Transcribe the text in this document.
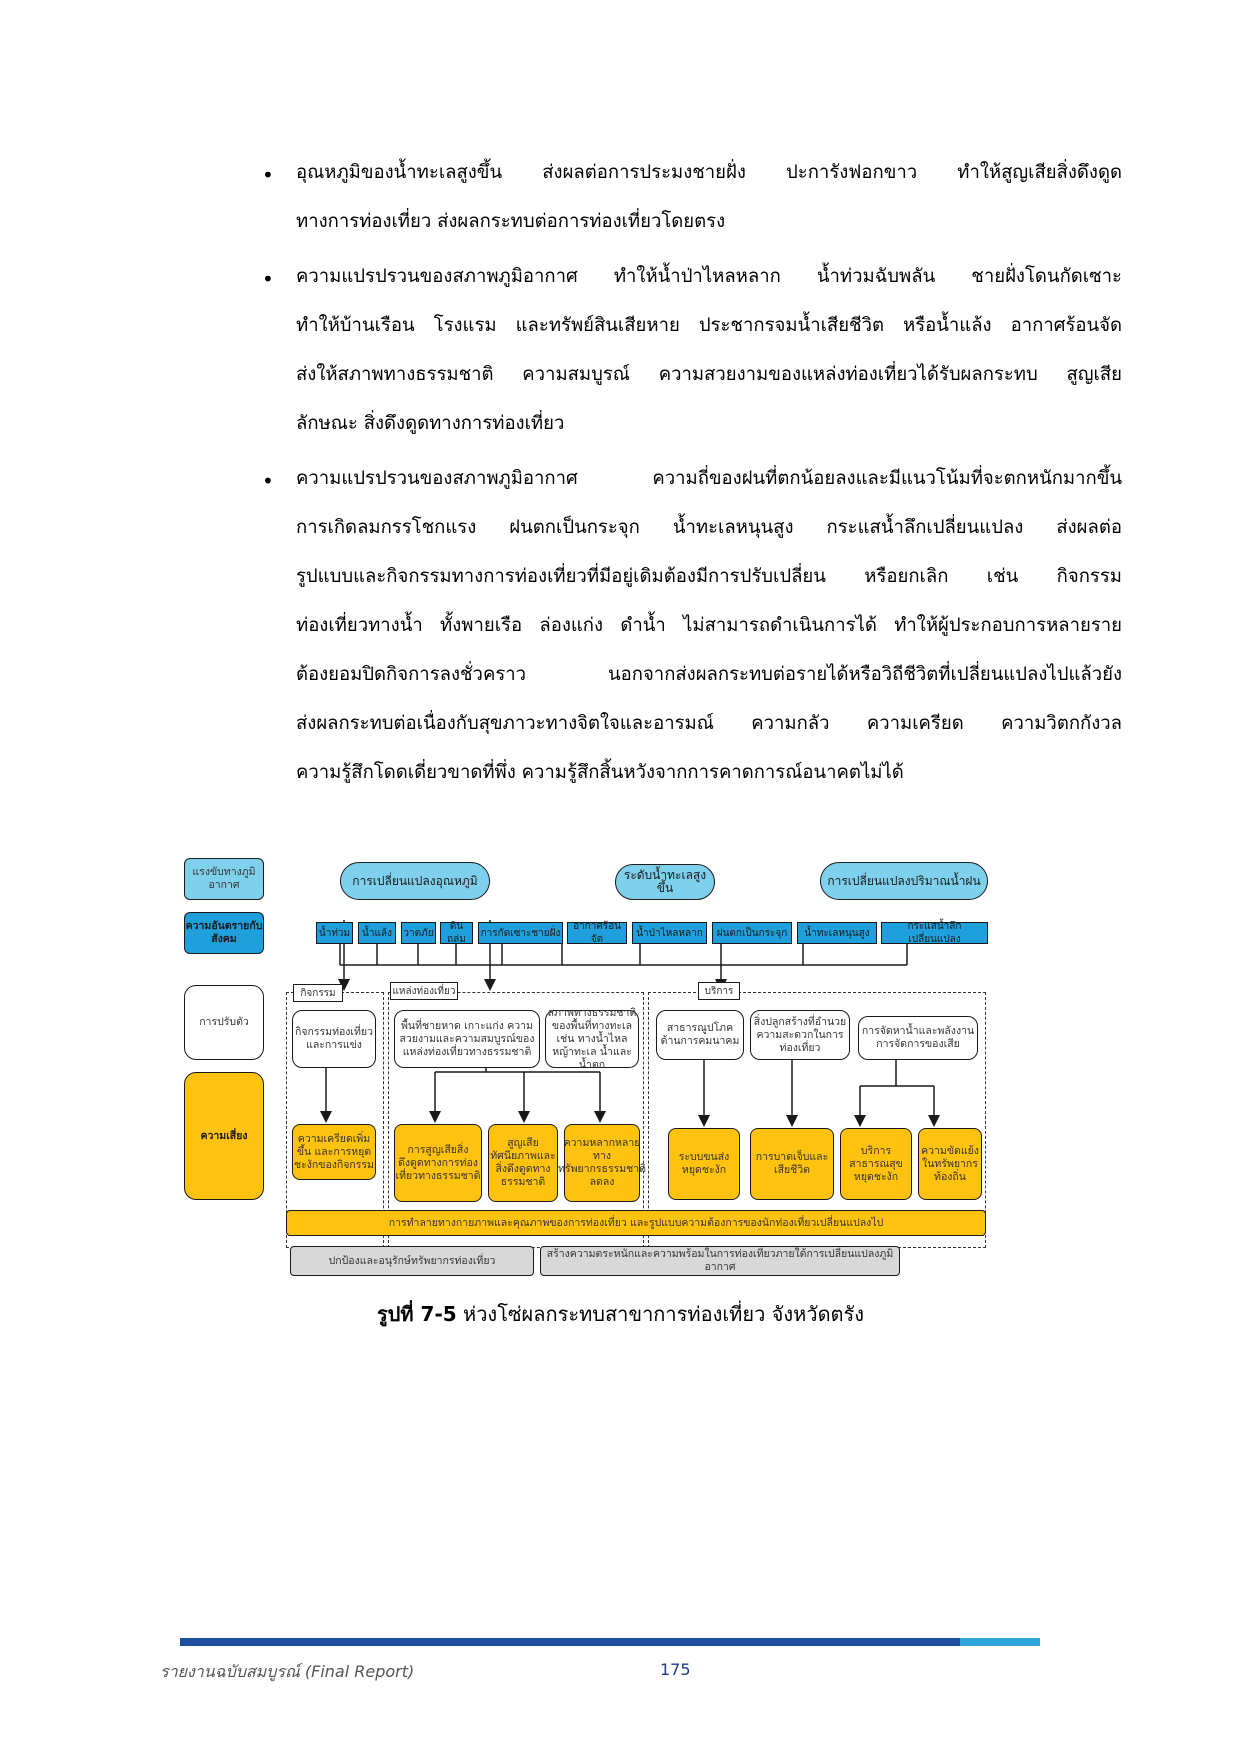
• อุณหภูมิของน้ำทะเลสูงขึ้น ส่งผลต่อการประมงชายฝั่ง ปะการังฟอกขาว ทำให้สูญเสียสิ่งดึงดูด
ทางการท่องเที่ยว ส่งผลกระทบต่อการท่องเที่ยวโดยตรง
• ความแปรปรวนของสภาพภูมิอากาศ ทำให้น้ำป่าไหลหลาก น้ำท่วมฉับพลัน ชายฝั่งโดนกัดเซาะ
ทำให้บ้านเรือน โรงแรม และทรัพย์สินเสียหาย ประชากรจมน้ำเสียชีวิต หรือน้ำแล้ง อากาศร้อนจัด
ส่งให้สภาพทางธรรมชาติ ความสมบูรณ์ ความสวยงามของแหล่งท่องเที่ยวได้รับผลกระทบ สูญเสีย
ลักษณะ สิ่งดึงดูดทางการท่องเที่ยว
• ความแปรปรวนของสภาพภูมิอากาศ ความถี่ของฝนที่ตกน้อยลงและมีแนวโน้มที่จะตกหนักมากขึ้น
การเกิดลมกรรโชกแรง ฝนตกเป็นกระจุก น้ำทะเลหนุนสูง กระแสน้ำลึกเปลี่ยนแปลง ส่งผลต่อ
รูปแบบและกิจกรรมทางการท่องเที่ยวที่มีอยู่เดิมต้องมีการปรับเปลี่ยน หรือยกเลิก เช่น กิจกรรม
ท่องเที่ยวทางน้ำ ทั้งพายเรือ ล่องแก่ง ดำน้ำ ไม่สามารถดำเนินการได้ ทำให้ผู้ประกอบการหลายราย
ต้องยอมปิดกิจการลงชั่วคราว นอกจากส่งผลกระทบต่อรายได้หรือวิถีชีวิตที่เปลี่ยนแปลงไปแล้วยัง
ส่งผลกระทบต่อเนื่องกับสุขภาวะทางจิตใจและอารมณ์ ความกลัว ความเครียด ความวิตกกังวล
ความรู้สึกโดดเดี่ยวขาดที่พึ่ง ความรู้สึกสิ้นหวังจากการคาดการณ์อนาคตไม่ได้
แรงขับทางภูมิอากาศ
ความอันตรายกับสังคม
การปรับตัว
ความเสี่ยง
การเปลี่ยนแปลงอุณหภูมิ	ระดับน้ำทะเลสูงขึ้น
การเปลี่ยนแปลงปริมาณน้ำฝน
น้ำท่วม	น้ำแล้ง	วาตภัย
ดินถล่ม
การกัดเซาะชายฝั่ง
อากาศร้อนจัด
น้ำป่าไหลหลาก	ฝนตกเป็นกระจุก	น้ำทะเลหนุนสูง
กระแสน้ำลึกเปลี่ยนแปลง
กิจกรรม	แหล่งท่องเที่ยว	บริการ
กิจกรรมท่องเที่ยวและการแข่ง
พื้นที่ชายหาด เกาะแก่ง ความสวยงามและความสมบูรณ์ของแหล่งท่องเที่ยวทางธรรมชาติ
สภาพทางธรรมชาติของพื้นที่ทางทะเล เช่น ทางน้ำไหล หญ้าทะเล น้ำและน้ำตก
สาธารณูปโภคด้านการคมนาคม
สิ่งปลูกสร้างที่อำนวยความสะดวกในการท่องเที่ยว
การจัดหาน้ำและพลังงานการจัดการของเสีย
ความเครียดเพิ่มขึ้น และการหยุดชะงักของกิจกรรม
การสูญเสียสิ่งดึงดูดทางการท่องเที่ยวทางธรรมชาติ
สูญเสียทัศนียภาพและสิ่งดึงดูดทางธรรมชาติ
ความหลากหลายทางทรัพยากรธรรมชาติลดลง
ระบบขนส่งหยุดชะงัก
การบาดเจ็บและเสียชีวิต
บริการสาธารณสุขหยุดชะงัก
ความขัดแย้งในทรัพยากรท้องถิ่น
การทำลายทางกายภาพและคุณภาพของการท่องเที่ยว และรูปแบบความต้องการของนักท่องเที่ยวเปลี่ยนแปลงไป
ปกป้องและอนุรักษ์ทรัพยากรท่องเที่ยว
สร้างความตระหนักและความพร้อมในการท่องเที่ยวภายใต้การเปลี่ยนแปลงภูมิอากาศ
รูปที่ 7-5 ห่วงโซ่ผลกระทบสาขาการท่องเที่ยว จังหวัดตรัง
รายงานฉบับสมบูรณ์ (Final Report)	175
